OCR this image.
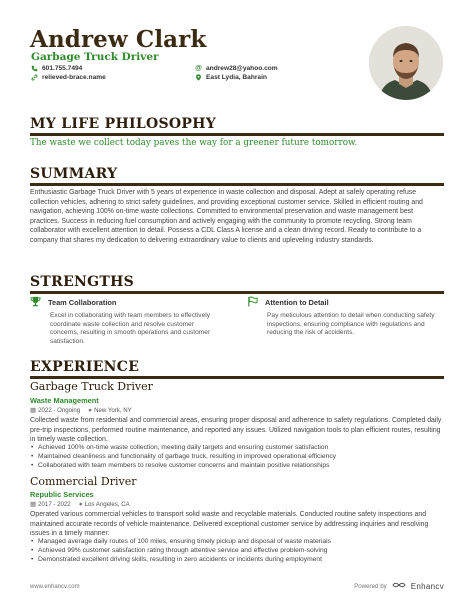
Andrew Clark
Garbage Truck Driver
601.755.7494
relieved-brace.name
@ andrew28@yahoo.com
East Lydia, Bahrain
MY LIFE PHILOSOPHY
The waste we collect today paves the way for a greener future tomorrow.
SUMMARY
Enthusiastic Garbage Truck Driver with 5 years of experience in waste collection and disposal. Adept at safely operating refuse collection vehicles, adhering to strict safety guidelines, and providing exceptional customer service. Skilled in efficient routing and navigation, achieving 100% on-time waste collections. Committed to environmental preservation and waste management best practices. Success in reducing fuel consumption and actively engaging with the community to promote recycling. Strong team collaborator with excellent attention to detail. Possess a CDL Class A license and a clean driving record. Ready to contribute to a company that shares my dedication to delivering extraordinary value to clients and upleveling industry standards.
STRENGTHS
Team Collaboration
Excel in collaborating with team members to effectively coordinate waste collection and resolve customer concerns, resulting in smooth operations and customer satisfaction.
Attention to Detail
Pay meticulous attention to detail when conducting safety inspections, ensuring compliance with regulations and reducing the risk of accidents.
EXPERIENCE
Garbage Truck Driver
Waste Management
▦ 2022 - Ongoing ● New York, NY
Collected waste from residential and commercial areas, ensuring proper disposal and adherence to safety regulations. Completed daily pre-trip inspections, performed routine maintenance, and reported any issues. Utilized navigation tools to plan efficient routes, resulting in timely waste collection.
• Achieved 100% on-time waste collection, meeting daily targets and ensuring customer satisfaction
• Maintained cleanliness and functionality of garbage truck, resulting in improved operational efficiency
• Collaborated with team members to resolve customer concerns and maintain positive relationships
Commercial Driver
Republic Services
▦ 2017 - 2022 ● Los Angeles, CA
Operated various commercial vehicles to transport solid waste and recyclable materials. Conducted routine safety inspections and maintained accurate records of vehicle maintenance. Delivered exceptional customer service by addressing inquiries and resolving issues in a timely manner.
• Managed average daily routes of 100 miles, ensuring timely pickup and disposal of waste materials
• Achieved 99% customer satisfaction rating through attentive service and effective problem-solving
• Demonstrated excellent driving skills, resulting in zero accidents or incidents during employment
www.enhancv.com	Powered by	Enhancv
